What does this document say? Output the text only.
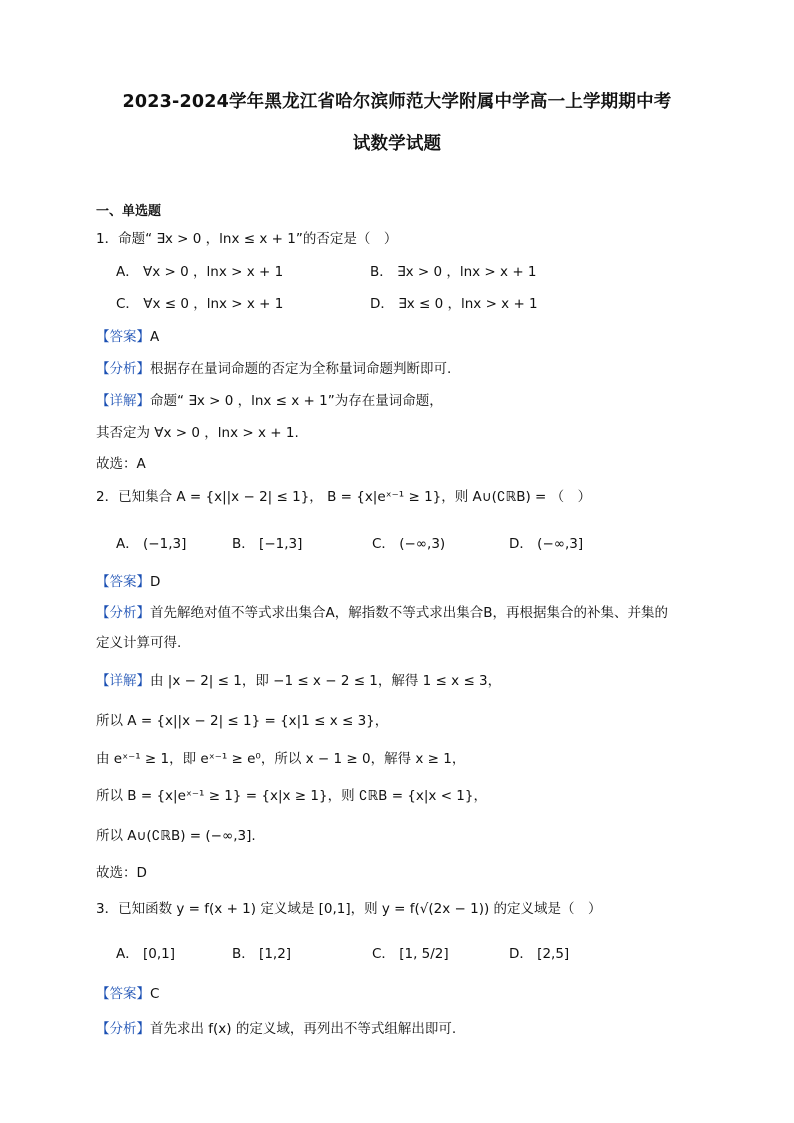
2023-2024学年黑龙江省哈尔滨师范大学附属中学高一上学期期中考
试数学试题
一、单选题
1．命题“ ∃x > 0 ，lnx ≤ x + 1”的否定是（　）
A． ∀x > 0 ，lnx > x + 1	B． ∃x > 0 ，lnx > x + 1
C． ∀x ≤ 0 ，lnx > x + 1	D． ∃x ≤ 0 ，lnx > x + 1
【答案】A
【分析】根据存在量词命题的否定为全称量词命题判断即可.
【详解】命题“ ∃x > 0 ，lnx ≤ x + 1”为存在量词命题，
其否定为 ∀x > 0 ，lnx > x + 1.
故选：A
2．已知集合 A = {x||x − 2| ≤ 1}， B = {x|eˣ⁻¹ ≥ 1}，则 A∪(∁ℝB) = （　）
A． (−1,3]	B． [−1,3]	C． (−∞,3)	D． (−∞,3]
【答案】D
【分析】首先解绝对值不等式求出集合A，解指数不等式求出集合B，再根据集合的补集、并集的
定义计算可得.
【详解】由 |x − 2| ≤ 1，即 −1 ≤ x − 2 ≤ 1，解得 1 ≤ x ≤ 3，
所以 A = {x||x − 2| ≤ 1} = {x|1 ≤ x ≤ 3}，
由 eˣ⁻¹ ≥ 1，即 eˣ⁻¹ ≥ e⁰，所以 x − 1 ≥ 0，解得 x ≥ 1，
所以 B = {x|eˣ⁻¹ ≥ 1} = {x|x ≥ 1}，则 ∁ℝB = {x|x < 1}，
所以 A∪(∁ℝB) = (−∞,3].
故选：D
3．已知函数 y = f(x + 1) 定义域是 [0,1]，则 y = f(√(2x − 1)) 的定义域是（　）
A． [0,1]	B． [1,2]	C． [1, 5/2]	D． [2,5]
【答案】C
【分析】首先求出 f(x) 的定义域，再列出不等式组解出即可.
